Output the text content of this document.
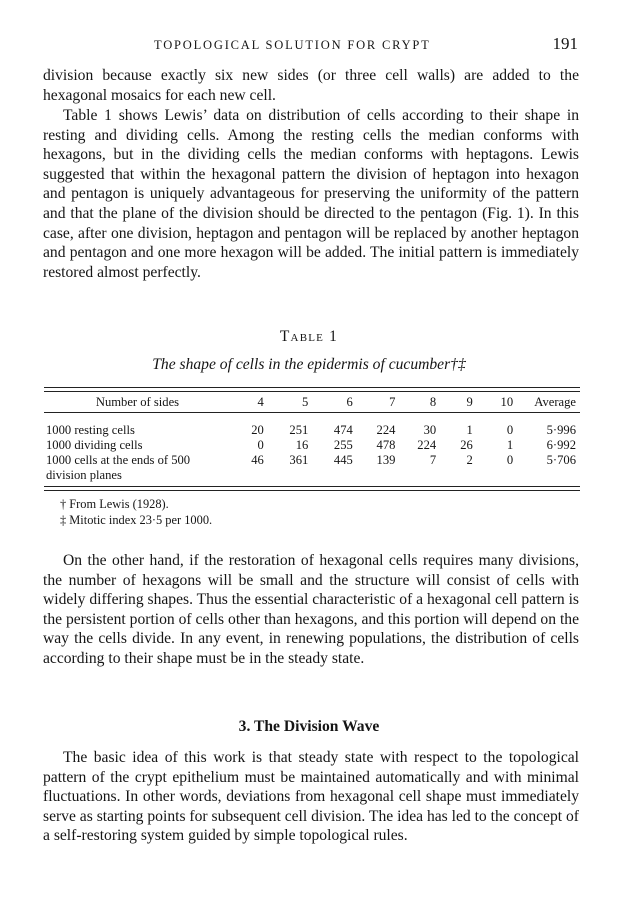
TOPOLOGICAL SOLUTION FOR CRYPT	191

division because exactly six new sides (or three cell walls) are added to the hexagonal mosaics for each new cell.

Table 1 shows Lewis’ data on distribution of cells according to their shape in resting and dividing cells. Among the resting cells the median conforms with hexagons, but in the dividing cells the median conforms with heptagons. Lewis suggested that within the hexagonal pattern the division of heptagon into hexagon and pentagon is uniquely advantageous for preserving the uniformity of the pattern and that the plane of the division should be directed to the pentagon (Fig. 1). In this case, after one division, heptagon and pentagon will be replaced by another heptagon and pentagon and one more hexagon will be added. The initial pattern is immediately restored almost perfectly.

Table 1
The shape of cells in the epidermis of cucumber†‡
Number of sides	4	5	6	7	8	9	10	Average

1000 resting cells	20	251	474	224	30	1	0	5·996
1000 dividing cells	0	16	255	478	224	26	1	6·992
1000 cells at the ends of 500 division planes	46	361	445	139	7	2	0	5·706
† From Lewis (1928).
‡ Mitotic index 23·5 per 1000.

On the other hand, if the restoration of hexagonal cells requires many divisions, the number of hexagons will be small and the structure will consist of cells with widely differing shapes. Thus the essential characteristic of a hexagonal cell pattern is the persistent portion of cells other than hexagons, and this portion will depend on the way the cells divide. In any event, in renewing populations, the distribution of cells according to their shape must be in the steady state.

3. The Division Wave

The basic idea of this work is that steady state with respect to the topological pattern of the crypt epithelium must be maintained automatically and with minimal fluctuations. In other words, deviations from hexagonal cell shape must immediately serve as starting points for subsequent cell division. The idea has led to the concept of a self-restoring system guided by simple topological rules.
